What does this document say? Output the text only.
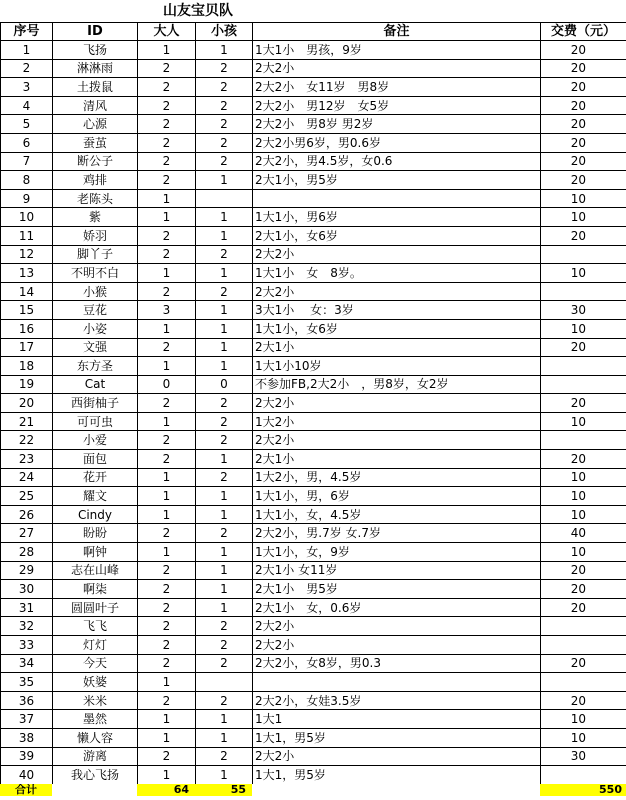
山友宝贝队
序号	ID	大人	小孩	备注	交费（元）
1	飞扬	1	1	1大1小　男孩，9岁	20
2	淋淋雨	2	2	2大2小	20
3	土拨鼠	2	2	2大2小　女11岁　男8岁	20
4	清风	2	2	2大2小　男12岁　女5岁	20
5	心源	2	2	2大2小　男8岁 男2岁	20
6	蚕茧	2	2	2大2小男6岁，男0.6岁	20
7	断公子	2	2	2大2小，男4.5岁，女0.6	20
8	鸡排	2	1	2大1小，男5岁	20
9	老陈头	1			10
10	紫	1	1	1大1小，男6岁	10
11	娇羽	2	1	2大1小，女6岁	20
12	脚丫子	2	2	2大2小	
13	不明不白	1	1	1大1小　女　8岁。	10
14	小猴	2	2	2大2小	
15	豆花	3	1	3大1小　 女：3岁	30
16	小姿	1	1	1大1小，女6岁	10
17	文强	2	1	2大1小	20
18	东方圣	1	1	1大1小10岁	
19	Cat	0	0	不参加FB,2大2小　，男8岁，女2岁	
20	西街柚子	2	2	2大2小	20
21	可可虫	1	2	1大2小	10
22	小爱	2	2	2大2小	
23	面包	2	1	2大1小	20
24	花开	1	2	1大2小，男，4.5岁	10
25	耀文	1	1	1大1小，男，6岁	10
26	Cindy	1	1	1大1小，女，4.5岁	10
27	盼盼	2	2	2大2小，男.7岁 女.7岁	40
28	啊钟	1	1	1大1小，女，9岁	10
29	志在山峰	2	1	2大1小 女11岁	20
30	啊柒	2	1	2大1小　男5岁	20
31	圆圆叶子	2	1	2大1小　女，0.6岁	20
32	飞飞	2	2	2大2小	
33	灯灯	2	2	2大2小	
34	今天	2	2	2大2小，女8岁，男0.3	20
35	妖婆	1			
36	米米	2	2	2大2小，女娃3.5岁	20
37	墨然	1	1	1大1	10
38	懒人容	1	1	1大1，男5岁	10
39	游离	2	2	2大2小	30
40	我心飞扬	1	1	1大1，男5岁	
合计		64	55		550
